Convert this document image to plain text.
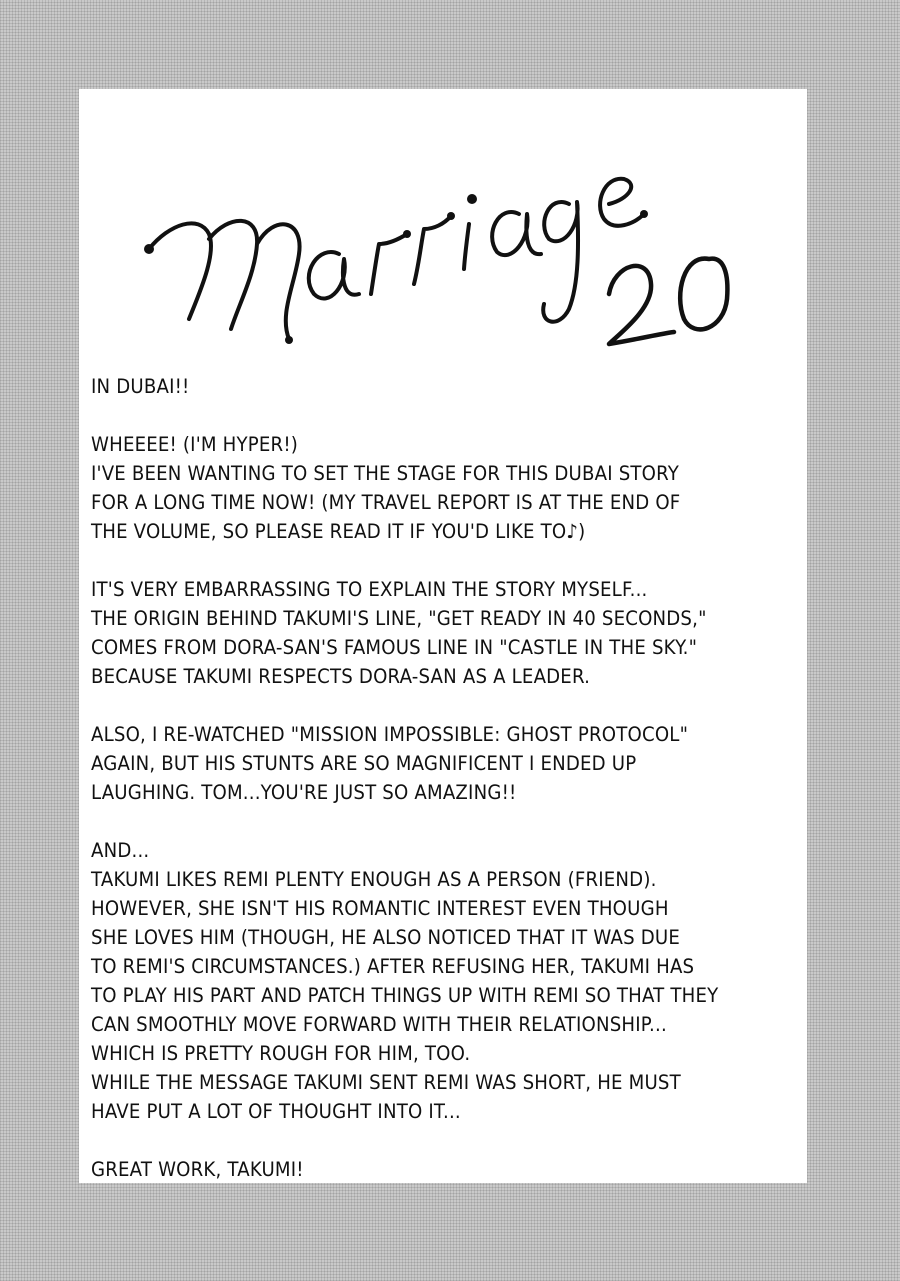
IN DUBAI!!
WHEEEE! (I'M HYPER!)
I'VE BEEN WANTING TO SET THE STAGE FOR THIS DUBAI STORY
FOR A LONG TIME NOW! (MY TRAVEL REPORT IS AT THE END OF
THE VOLUME, SO PLEASE READ IT IF YOU'D LIKE TO♪)
IT'S VERY EMBARRASSING TO EXPLAIN THE STORY MYSELF...
THE ORIGIN BEHIND TAKUMI'S LINE, "GET READY IN 40 SECONDS,"
COMES FROM DORA-SAN'S FAMOUS LINE IN "CASTLE IN THE SKY."
BECAUSE TAKUMI RESPECTS DORA-SAN AS A LEADER.
ALSO, I RE-WATCHED "MISSION IMPOSSIBLE: GHOST PROTOCOL"
AGAIN, BUT HIS STUNTS ARE SO MAGNIFICENT I ENDED UP
LAUGHING. TOM...YOU'RE JUST SO AMAZING!!
AND...
TAKUMI LIKES REMI PLENTY ENOUGH AS A PERSON (FRIEND).
HOWEVER, SHE ISN'T HIS ROMANTIC INTEREST EVEN THOUGH
SHE LOVES HIM (THOUGH, HE ALSO NOTICED THAT IT WAS DUE
TO REMI'S CIRCUMSTANCES.) AFTER REFUSING HER, TAKUMI HAS
TO PLAY HIS PART AND PATCH THINGS UP WITH REMI SO THAT THEY
CAN SMOOTHLY MOVE FORWARD WITH THEIR RELATIONSHIP...
WHICH IS PRETTY ROUGH FOR HIM, TOO.
WHILE THE MESSAGE TAKUMI SENT REMI WAS SHORT, HE MUST
HAVE PUT A LOT OF THOUGHT INTO IT...
GREAT WORK, TAKUMI!
